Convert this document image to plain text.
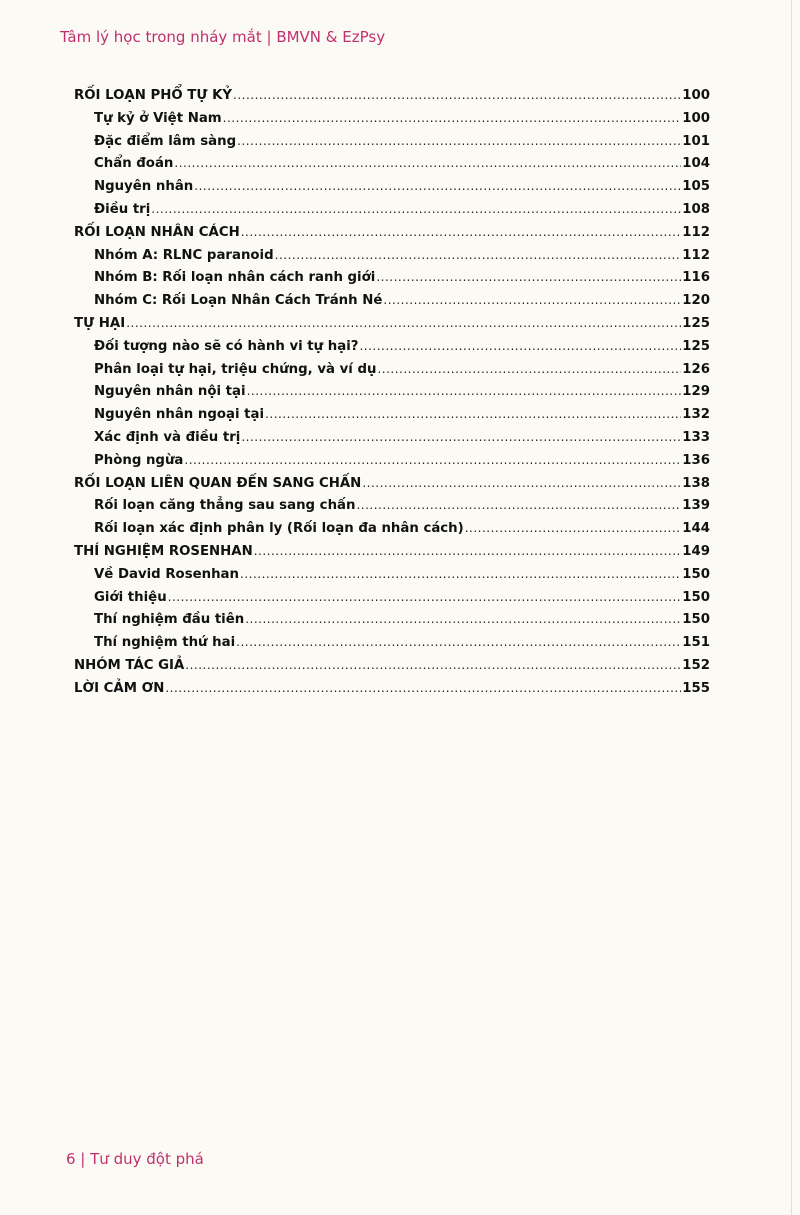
Tâm lý học trong nháy mắt | BMVN & EzPsy
RỐI LOẠN PHỔ TỰ KỶ .....	100
Tự kỷ ở Việt Nam .....	100
Đặc điểm lâm sàng .....	101
Chẩn đoán .....	104
Nguyên nhân .....	105
Điều trị .....	108
RỐI LOẠN NHÂN CÁCH .....	112
Nhóm A: RLNC paranoid .....	112
Nhóm B: Rối loạn nhân cách ranh giới .....	116
Nhóm C: Rối Loạn Nhân Cách Tránh Né .....	120
TỰ HẠI .....	125
Đối tượng nào sẽ có hành vi tự hại? .....	125
Phân loại tự hại, triệu chứng, và ví dụ .....	126
Nguyên nhân nội tại .....	129
Nguyên nhân ngoại tại .....	132
Xác định và điều trị .....	133
Phòng ngừa .....	136
RỐI LOẠN LIÊN QUAN ĐẾN SANG CHẤN .....	138
Rối loạn căng thẳng sau sang chấn .....	139
Rối loạn xác định phân ly (Rối loạn đa nhân cách) .....	144
THÍ NGHIỆM ROSENHAN .....	149
Về David Rosenhan .....	150
Giới thiệu .....	150
Thí nghiệm đầu tiên .....	150
Thí nghiệm thứ hai .....	151
NHÓM TÁC GIẢ .....	152
LỜI CẢM ƠN .....	155
6 | Tư duy đột phá
